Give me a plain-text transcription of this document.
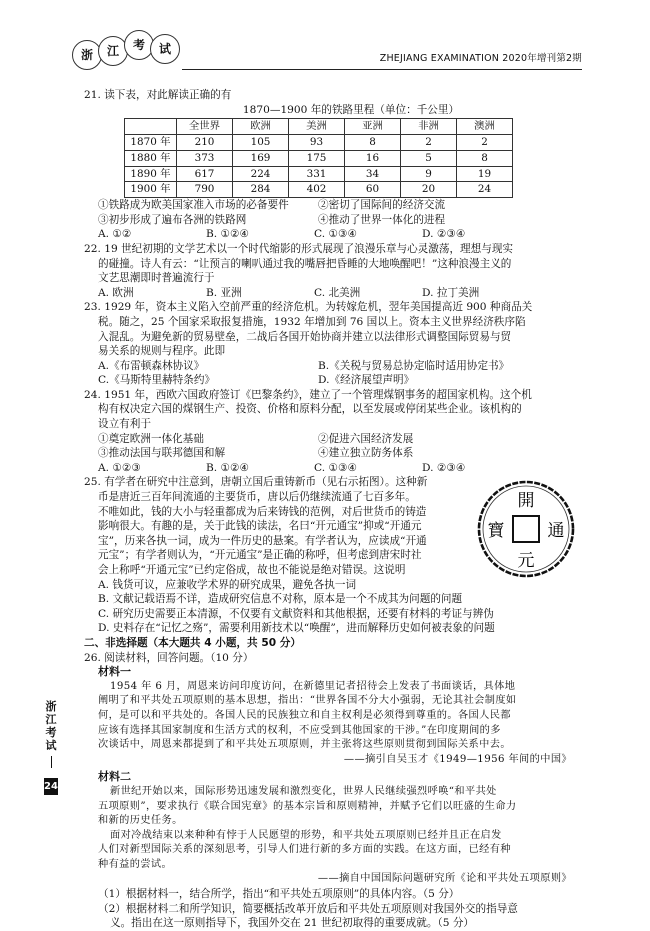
浙	江	考	试
ZHEJIANG EXAMINATION 2020年增刊第2期
浙江考试
24
21. 读下表，对此解读正确的有
1870—1900 年的铁路里程（单位：千公里）
	全世界	欧洲	美洲	亚洲	非洲	澳洲
1870 年	210	105	93	8	2	2
1880 年	373	169	175	16	5	8
1890 年	617	224	331	34	9	19
1900 年	790	284	402	60	20	24
①铁路成为欧美国家准入市场的必备要件	②密切了国际间的经济交流
③初步形成了遍布各洲的铁路网	④推动了世界一体化的进程
A. ①②	B. ①②④	C. ①③④	D. ②③④
22. 19 世纪初期的文学艺术以一个时代缩影的形式展现了浪漫乐章与心灵激荡，理想与现实
的碰撞。诗人有云：“让预言的喇叭通过我的嘴唇把昏睡的大地唤醒吧！”这种浪漫主义的
文艺思潮即时普遍流行于
A. 欧洲	B. 亚洲	C. 北美洲	D. 拉丁美洲
23. 1929 年，资本主义陷入空前严重的经济危机。为转嫁危机，翌年美国提高近 900 种商品关
税。随之，25 个国家采取报复措施，1932 年增加到 76 国以上。资本主义世界经济秩序陷
入混乱。为避免新的贸易壁垒，二战后各国开始协商并建立以法律形式调整国际贸易与贸
易关系的规则与程序。此即
A.《布雷顿森林协议》	B.《关税与贸易总协定临时适用协定书》
C.《马斯特里赫特条约》	D.《经济展望声明》
24. 1951 年，西欧六国政府签订《巴黎条约》，建立了一个管理煤钢事务的超国家机构。这个机
构有权决定六国的煤钢生产、投资、价格和原料分配，以至发展或停闭某些企业。该机构的
设立有利于
①奠定欧洲一体化基础	②促进六国经济发展
③推动法国与联邦德国和解	④建立独立防务体系
A. ①②③	B. ①②④	C. ①③④	D. ②③④
25. 有学者在研究中注意到，唐朝立国后重铸新币（见右示拓图）。这种新
币是唐近三百年间流通的主要货币，唐以后仍继续流通了七百多年。
不唯如此，钱的大小与轻重都成为后来铸钱的范例，对后世货币的铸造
影响很大。有趣的是，关于此钱的读法，名曰“开元通宝”抑或“开通元
宝”，历来各执一词，成为一件历史的悬案。有学者认为，应读成“开通
元宝”；有学者则认为，“开元通宝”是正确的称呼，但考虑到唐宋时社
会上称呼“开通元宝”已约定俗成，故也不能说是绝对错误。这说明
開
寶	通
元
A. 钱货可议，应兼收学术界的研究成果，避免各执一词
B. 文献记载语焉不详，造成研究信息不对称，原本是一个不成其为问题的问题
C. 研究历史需要正本清源，不仅要有文献资料和其他根据，还要有材料的考证与辨伪
D. 史料存在“记忆之殇”，需要利用新技术以“唤醒”，进而解释历史如何被表象的问题
二、非选择题（本大题共 4 小题，共 50 分）
26. 阅读材料，回答问题。（10 分）
材料一
1954 年 6 月，周恩来访问印度访问，在新德里记者招待会上发表了书面谈话，具体地
阐明了和平共处五项原则的基本思想，指出：“世界各国不分大小强弱，无论其社会制度如
何，是可以和平共处的。各国人民的民族独立和自主权利是必须得到尊重的。各国人民都
应该有选择其国家制度和生活方式的权利，不应受到其他国家的干涉。”在印度期间的多
次谈话中，周恩来都提到了和平共处五项原则，并主张将这些原则贯彻到国际关系中去。
——摘引自吴玉才《1949—1956 年间的中国》
材料二
新世纪开始以来，国际形势迅速发展和激烈变化，世界人民继续强烈呼唤“和平共处
五项原则”，要求执行《联合国宪章》的基本宗旨和原则精神，并赋予它们以旺盛的生命力
和新的历史任务。
面对冷战结束以来种种有悖于人民愿望的形势，和平共处五项原则已经并且正在启发
人们对新型国际关系的深刻思考，引导人们进行新的多方面的实践。在这方面，已经有种
种有益的尝试。
——摘自中国国际问题研究所《论和平共处五项原则》
（1）根据材料一，结合所学，指出“和平共处五项原则”的具体内容。（5 分）
（2）根据材料二和所学知识，简要概括改革开放后和平共处五项原则对我国外交的指导意
义。指出在这一原则指导下，我国外交在 21 世纪初取得的重要成就。（5 分）
